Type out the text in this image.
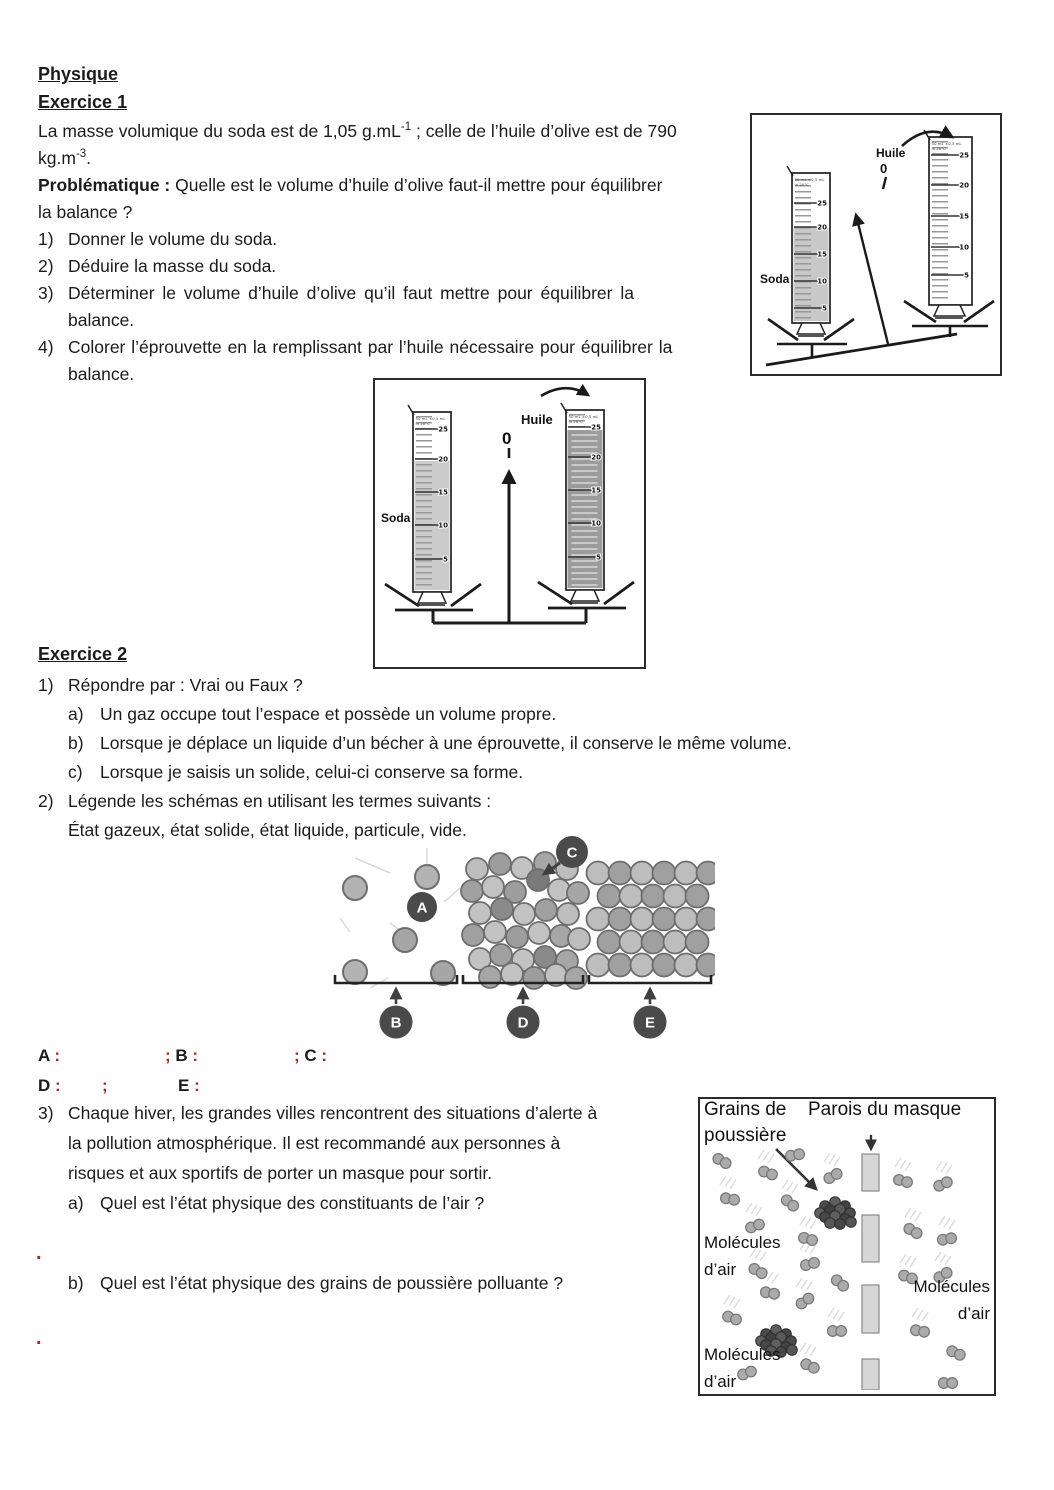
Physique
Exercice 1
La masse volumique du soda est de 1,05 $g.mL^{-1}$ ; celle de l’huile d’olive est de 790
$kg.m^{-3}$.
Problématique : Quelle est le volume d’huile d’olive faut-il mettre pour équilibrer
la balance ?
1) Donner le volume du soda.
2) Déduire la masse du soda.
3) Déterminer le volume d’huile d’olive qu’il faut mettre pour équilibrer la
balance.
4) Colorer l’éprouvette en la remplissant par l’huile nécessaire pour équilibrer la
balance.
25
20
15
10
5
50 mL ±0,5 mL
in 20°C
Soda
25
20
15
10
5
50 mL ±0,5 mL
in 20°C
Huile
0
25
20
15
10
5
50 mL ±0,5 mL
in 20°C
0
Huile
Soda
Exercice 2
1) Répondre par : Vrai ou Faux ?
a) Un gaz occupe tout l’espace et possède un volume propre.
b) Lorsque je déplace un liquide d’un bécher à une éprouvette, il conserve le même volume.
c) Lorsque je saisis un solide, celui-ci conserve sa forme.
2) Légende les schémas en utilisant les termes suivants :
État gazeux, état solide, état liquide, particule, vide.
A
C
B	D	E
A :	; B :	; C :
D : ;	E :
3) Chaque hiver, les grandes villes rencontrent des situations d’alerte à
la pollution atmosphérique. Il est recommandé aux personnes à
risques et aux sportifs de porter un masque pour sortir.
a) Quel est l’état physique des constituants de l’air ?
.
b) Quel est l’état physique des grains de poussière polluante ?
.
Grains de
poussière
Parois du masque
Molécules
d’air
Molécules
d’air
Molécules
d’air
